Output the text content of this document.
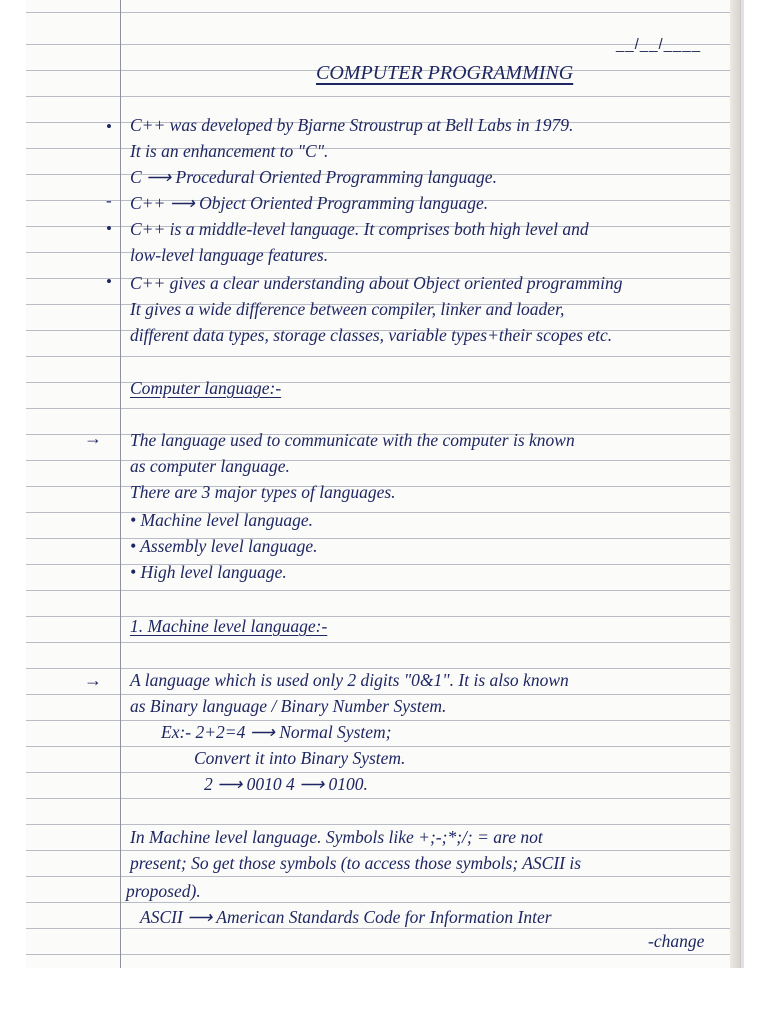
__/__/____
COMPUTER PROGRAMMING
•
-
•
•
→
→
C++ was developed by Bjarne Stroustrup at Bell Labs in 1979.
It is an enhancement to "C".
C ⟶ Procedural Oriented Programming language.
C++ ⟶ Object Oriented Programming language.
C++ is a middle-level language. It comprises both high level and
low-level language features.
C++ gives a clear understanding about Object oriented programming
It gives a wide difference between compiler, linker and loader,
different data types, storage classes, variable types+their scopes etc.
Computer language:-
The language used to communicate with the computer is known
as computer language.
There are 3 major types of languages.
• Machine level language.
• Assembly level language.
• High level language.
1. Machine level language:-
A language which is used only 2 digits "0&1". It is also known
as Binary language / Binary Number System.
Ex:- 2+2=4 ⟶ Normal System;
Convert it into Binary System.
2 ⟶ 0010 4 ⟶ 0100.
In Machine level language. Symbols like +;-;*;/; = are not
present; So get those symbols (to access those symbols; ASCII is
proposed).
ASCII ⟶ American Standards Code for Information Inter
-change
